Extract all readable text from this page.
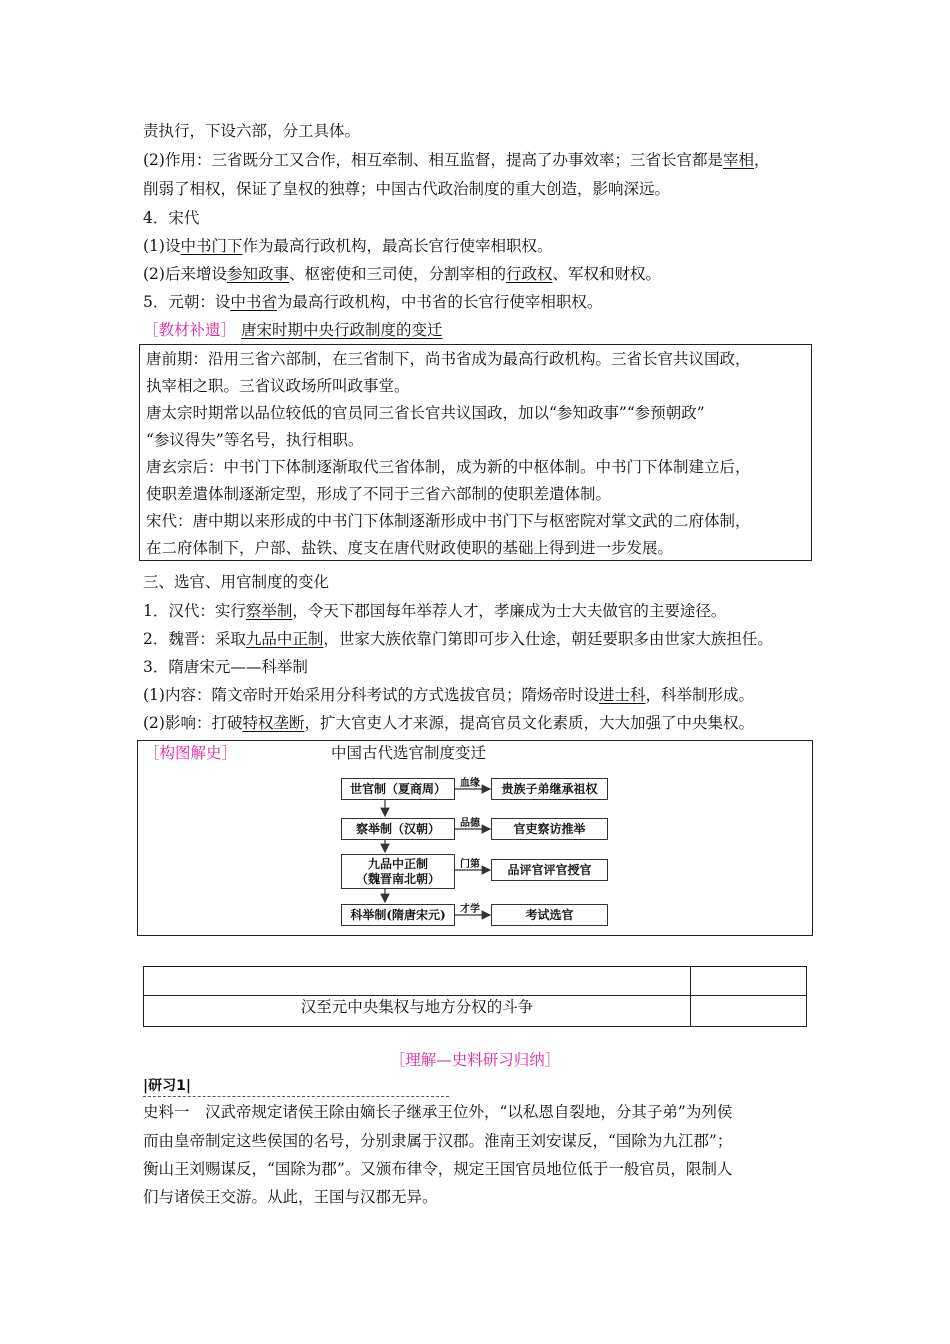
责执行，下设六部，分工具体。
(2)作用：三省既分工又合作，相互牵制、相互监督，提高了办事效率；三省长官都是宰相，
削弱了相权，保证了皇权的独尊；中国古代政治制度的重大创造，影响深远。
4．宋代
(1)设中书门下作为最高行政机构，最高长官行使宰相职权。
(2)后来增设参知政事、枢密使和三司使，分割宰相的行政权、军权和财权。
5．元朝：设中书省为最高行政机构，中书省的长官行使宰相职权。
［教材补遗］ 唐宋时期中央行政制度的变迁
唐前期：沿用三省六部制，在三省制下，尚书省成为最高行政机构。三省长官共议国政，
执宰相之职。三省议政场所叫政事堂。
唐太宗时期常以品位较低的官员同三省长官共议国政，加以“参知政事”“参预朝政”
“参议得失”等名号，执行相职。
唐玄宗后：中书门下体制逐渐取代三省体制，成为新的中枢体制。中书门下体制建立后，
使职差遣体制逐渐定型，形成了不同于三省六部制的使职差遣体制。
宋代：唐中期以来形成的中书门下体制逐渐形成中书门下与枢密院对掌文武的二府体制，
在二府体制下，户部、盐铁、度支在唐代财政使职的基础上得到进一步发展。
三、选官、用官制度的变化
1．汉代：实行察举制，令天下郡国每年举荐人才，孝廉成为士大夫做官的主要途径。
2．魏晋：采取九品中正制，世家大族依靠门第即可步入仕途，朝廷要职多由世家大族担任。
3．隋唐宋元——科举制
(1)内容：隋文帝时开始采用分科考试的方式选拔官员；隋炀帝时设进士科，科举制形成。
(2)影响：打破特权垄断，扩大官吏人才来源，提高官员文化素质，大大加强了中央集权。
［构图解史］	中国古代选官制度变迁
世官制（夏商周）
察举制（汉朝）
九品中正制
（魏晋南北朝）
科举制(隋唐宋元)
血缘
品德
门第
才学
贵族子弟继承祖权
官吏察访推举
品评官评官授官
考试选官

汉至元中央集权与地方分权的斗争	
［理解—史料研习归纳］
|研习1|
史料一　汉武帝规定诸侯王除由嫡长子继承王位外，“以私恩自裂地，分其子弟”为列侯
而由皇帝制定这些侯国的名号，分别隶属于汉郡。淮南王刘安谋反，“国除为九江郡”；
衡山王刘赐谋反，“国除为郡”。又颁布律令，规定王国官员地位低于一般官员，限制人
们与诸侯王交游。从此，王国与汉郡无异。
